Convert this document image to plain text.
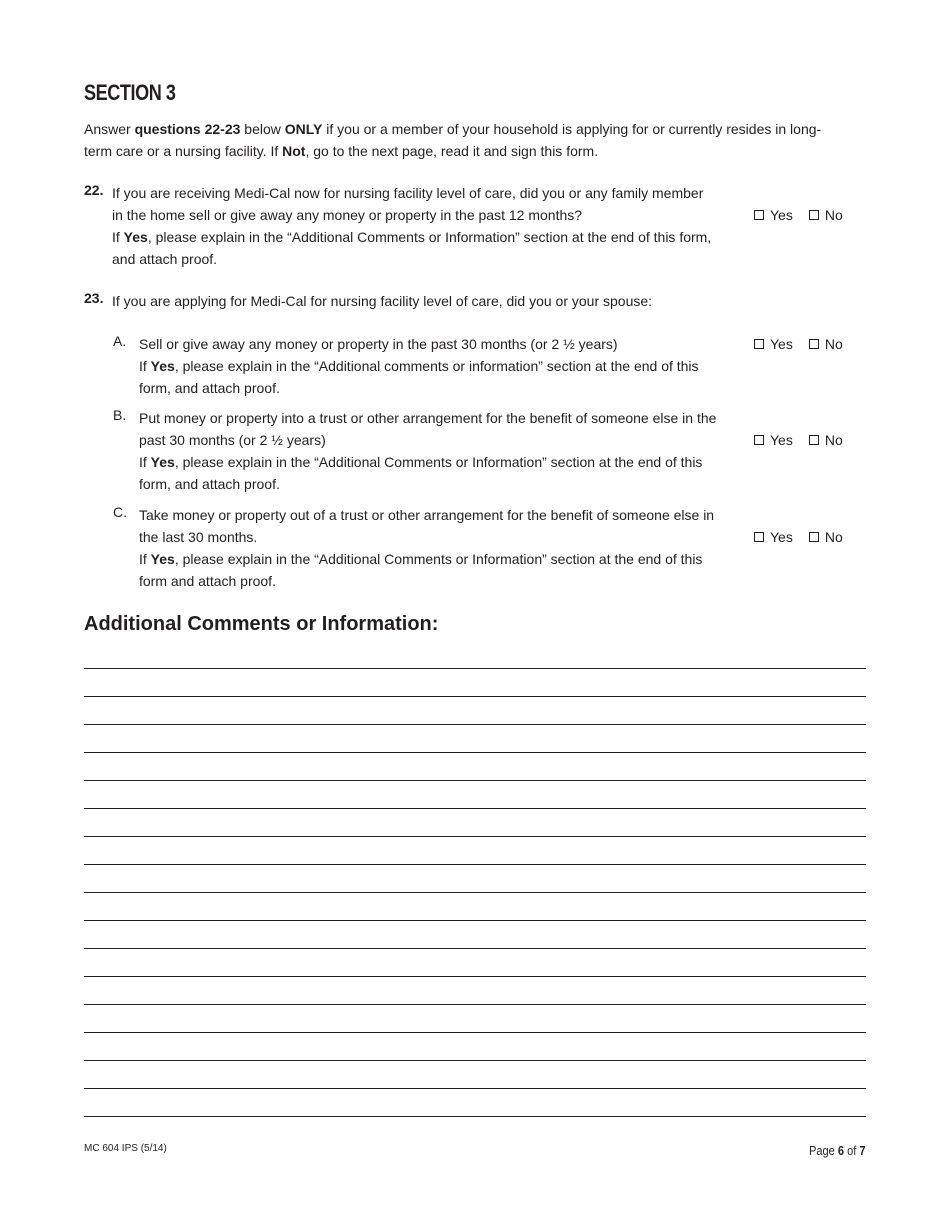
SECTION 3

Answer questions 22-23 below ONLY if you or a member of your household is applying for or currently resides in long-term care or a nursing facility. If Not, go to the next page, read it and sign this form.

22. If you are receiving Medi-Cal now for nursing facility level of care, did you or any family member in the home sell or give away any money or property in the past 12 months?
If Yes, please explain in the “Additional Comments or Information” section at the end of this form, and attach proof.
Yes No
23. If you are applying for Medi-Cal for nursing facility level of care, did you or your spouse:
A. Sell or give away any money or property in the past 30 months (or 2 ½ years)
If Yes, please explain in the “Additional comments or information” section at the end of this form, and attach proof.
Yes No
B. Put money or property into a trust or other arrangement for the benefit of someone else in the past 30 months (or 2 ½ years)
If Yes, please explain in the “Additional Comments or Information” section at the end of this form, and attach proof.
Yes No
C. Take money or property out of a trust or other arrangement for the benefit of someone else in the last 30 months.
If Yes, please explain in the “Additional Comments or Information” section at the end of this form and attach proof.
Yes No
Additional Comments or Information:
MC 604 IPS (5/14)	Page 6 of 7
